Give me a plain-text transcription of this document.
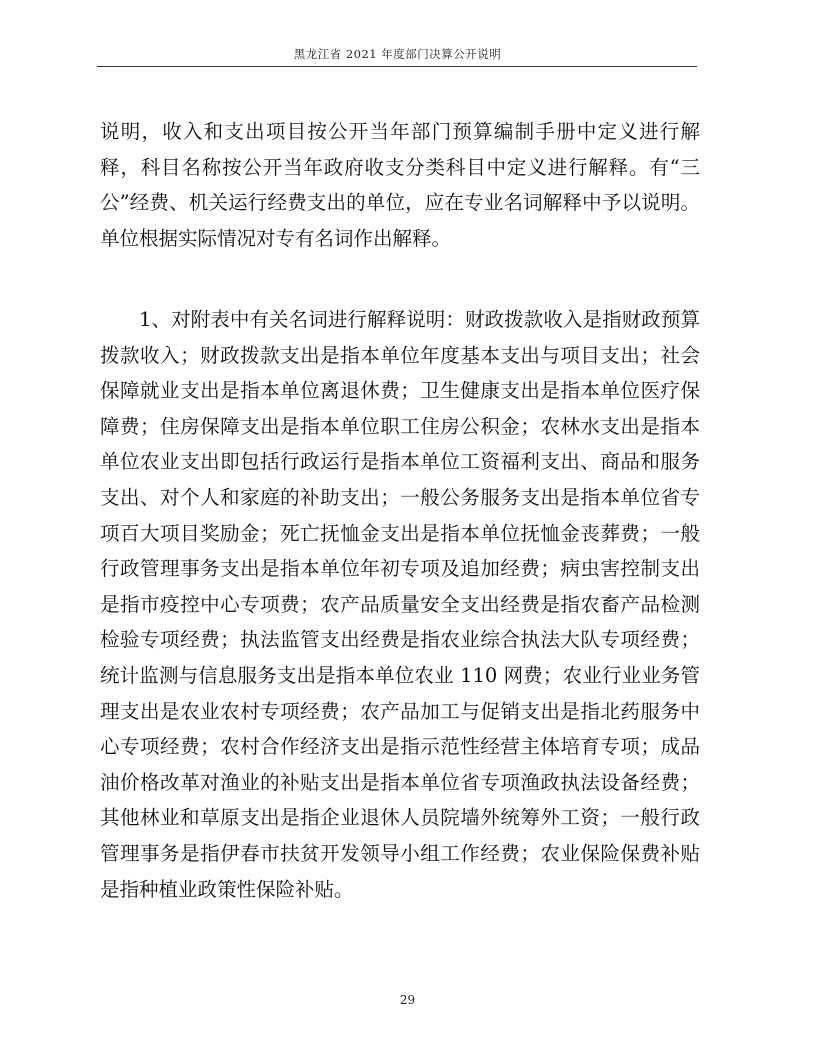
黑龙江省 2021 年度部门决算公开说明

说明，收入和支出项目按公开当年部门预算编制手册中定义进行解释，科目名称按公开当年政府收支分类科目中定义进行解释。有“三公”经费、机关运行经费支出的单位，应在专业名词解释中予以说明。单位根据实际情况对专有名词作出解释。

1、对附表中有关名词进行解释说明：财政拨款收入是指财政预算拨款收入；财政拨款支出是指本单位年度基本支出与项目支出；社会保障就业支出是指本单位离退休费；卫生健康支出是指本单位医疗保障费；住房保障支出是指本单位职工住房公积金；农林水支出是指本单位农业支出即包括行政运行是指本单位工资福利支出、商品和服务支出、对个人和家庭的补助支出；一般公务服务支出是指本单位省专项百大项目奖励金；死亡抚恤金支出是指本单位抚恤金丧葬费；一般行政管理事务支出是指本单位年初专项及追加经费；病虫害控制支出是指市疫控中心专项费；农产品质量安全支出经费是指农畜产品检测检验专项经费；执法监管支出经费是指农业综合执法大队专项经费；统计监测与信息服务支出是指本单位农业 110 网费；农业行业业务管理支出是农业农村专项经费；农产品加工与促销支出是指北药服务中心专项经费；农村合作经济支出是指示范性经营主体培育专项；成品油价格改革对渔业的补贴支出是指本单位省专项渔政执法设备经费；其他林业和草原支出是指企业退休人员院墙外统筹外工资；一般行政管理事务是指伊春市扶贫开发领导小组工作经费；农业保险保费补贴是指种植业政策性保险补贴。

29
